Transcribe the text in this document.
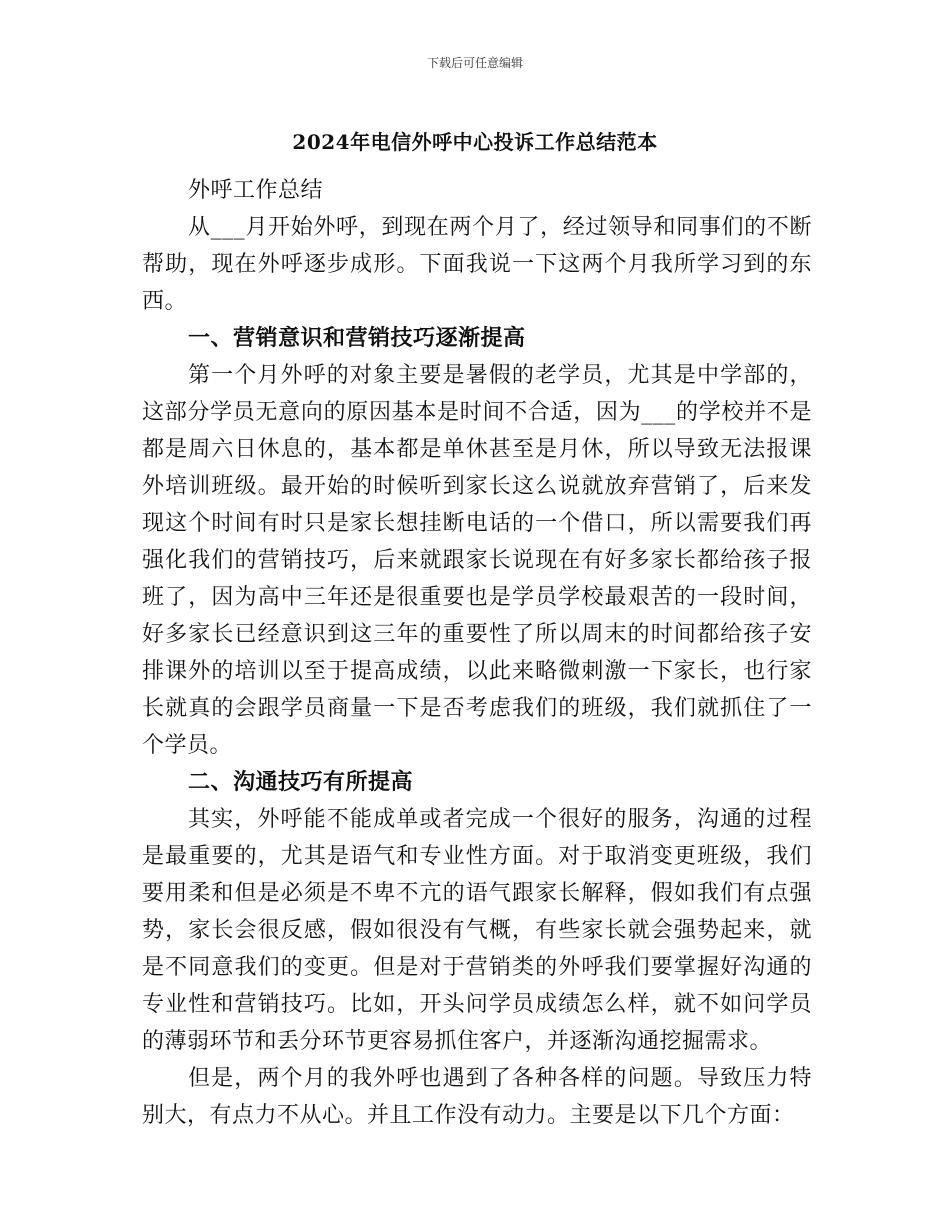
下载后可任意编辑
2024年电信外呼中心投诉工作总结范本

外呼工作总结

从___月开始外呼，到现在两个月了，经过领导和同事们的不断帮助，现在外呼逐步成形。下面我说一下这两个月我所学习到的东西。

一、营销意识和营销技巧逐渐提高

第一个月外呼的对象主要是暑假的老学员，尤其是中学部的，这部分学员无意向的原因基本是时间不合适，因为___的学校并不是都是周六日休息的，基本都是单休甚至是月休，所以导致无法报课外培训班级。最开始的时候听到家长这么说就放弃营销了，后来发现这个时间有时只是家长想挂断电话的一个借口，所以需要我们再强化我们的营销技巧，后来就跟家长说现在有好多家长都给孩子报班了，因为高中三年还是很重要也是学员学校最艰苦的一段时间，好多家长已经意识到这三年的重要性了所以周末的时间都给孩子安排课外的培训以至于提高成绩，以此来略微刺激一下家长，也行家长就真的会跟学员商量一下是否考虑我们的班级，我们就抓住了一个学员。

二、沟通技巧有所提高

其实，外呼能不能成单或者完成一个很好的服务，沟通的过程是最重要的，尤其是语气和专业性方面。对于取消变更班级，我们要用柔和但是必须是不卑不亢的语气跟家长解释，假如我们有点强势，家长会很反感，假如很没有气概，有些家长就会强势起来，就是不同意我们的变更。但是对于营销类的外呼我们要掌握好沟通的专业性和营销技巧。比如，开头问学员成绩怎么样，就不如问学员的薄弱环节和丢分环节更容易抓住客户，并逐渐沟通挖掘需求。

但是，两个月的我外呼也遇到了各种各样的问题。导致压力特别大，有点力不从心。并且工作没有动力。主要是以下几个方面：
